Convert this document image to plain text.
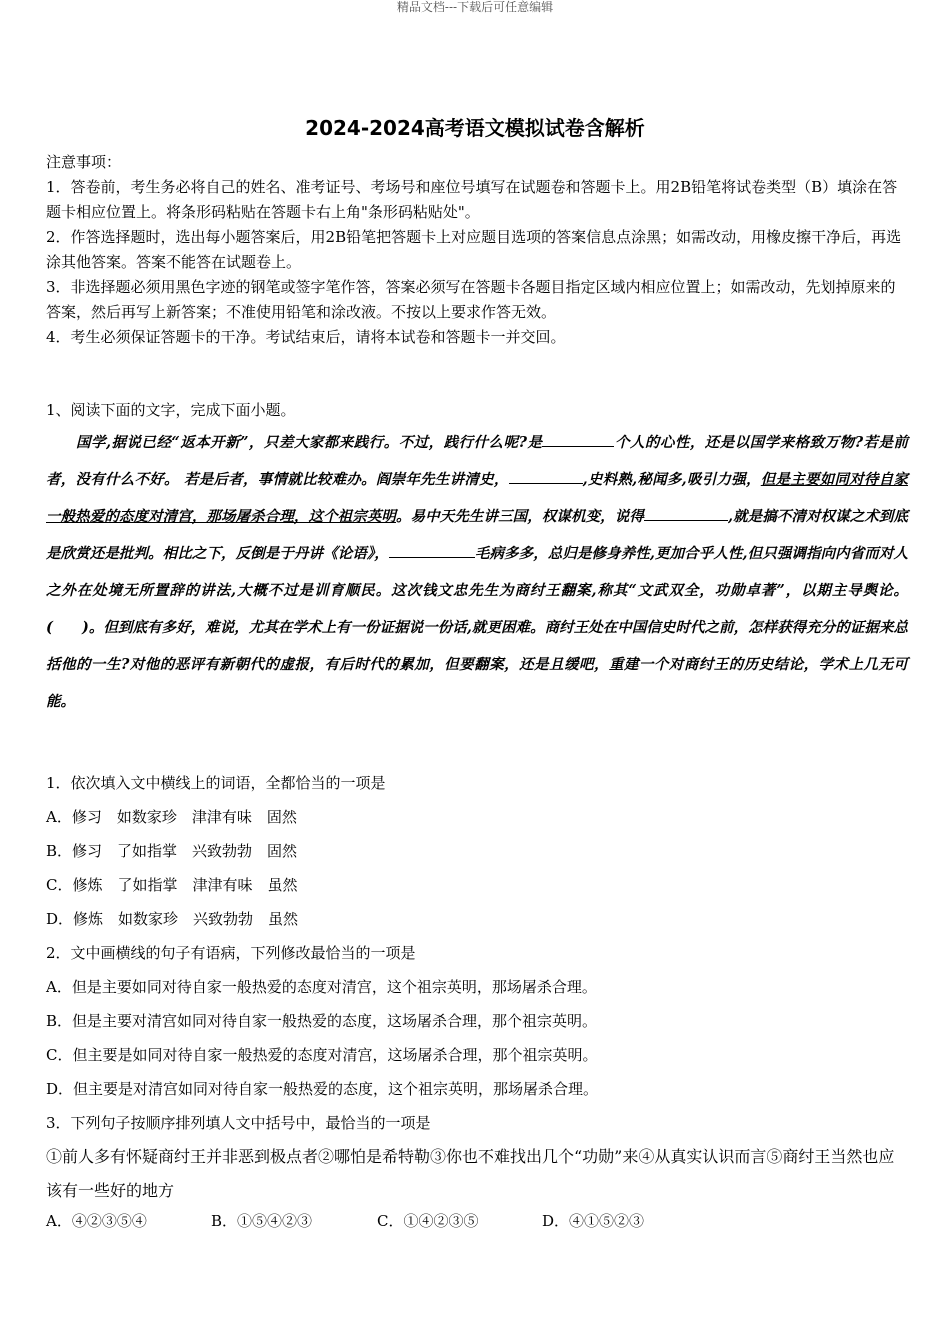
精品文档---下载后可任意编辑
2024-2024高考语文模拟试卷含解析

注意事项：

1．答卷前，考生务必将自己的姓名、准考证号、考场号和座位号填写在试题卷和答题卡上。用2B铅笔将试卷类型（B）填涂在答题卡相应位置上。将条形码粘贴在答题卡右上角"条形码粘贴处"。

2．作答选择题时，选出每小题答案后，用2B铅笔把答题卡上对应题目选项的答案信息点涂黑；如需改动，用橡皮擦干净后，再选涂其他答案。答案不能答在试题卷上。

3．非选择题必须用黑色字迹的钢笔或签字笔作答，答案必须写在答题卡各题目指定区域内相应位置上；如需改动，先划掉原来的答案，然后再写上新答案；不准使用铅笔和涂改液。不按以上要求作答无效。

4．考生必须保证答题卡的干净。考试结束后，请将本试卷和答题卡一并交回。

1、阅读下面的文字，完成下面小题。

国学,据说已经“返本开新”，只差大家都来践行。不过，践行什么呢?是	个人的心性，还是以国学来格致万物?若是前者，没有什么不好。 若是后者，事情就比较难办。阎崇年先生讲清史，	,史料熟,秘闻多,吸引力强，但是主要如同对待自家一般热爱的态度对清宫，那场屠杀合理，这个祖宗英明。易中天先生讲三国，权谋机变，说得	,就是搞不清对权谋之术到底是欣赏还是批判。相比之下，反倒是于丹讲《论语》，	毛病多多，总归是修身养性,更加合乎人性,但只强调指向内省而对人之外在处境无所置辞的讲法,大概不过是训育顺民。这次钱文忠先生为商纣王翻案,称其“文武双全，功勋卓著”，以期主导舆论。(　　)。但到底有多好，难说，尤其在学术上有一份证据说一份话,就更困难。商纣王处在中国信史时代之前，怎样获得充分的证据来总括他的一生?对他的恶评有新朝代的虚报，有后时代的累加，但要翻案，还是且缓吧，重建一个对商纣王的历史结论，学术上几无可能。

1．依次填入文中横线上的词语，全都恰当的一项是

A．修习　如数家珍　津津有味　固然

B．修习　了如指掌　兴致勃勃　固然

C．修炼　了如指掌　津津有味　虽然

D．修炼　如数家珍　兴致勃勃　虽然

2．文中画横线的句子有语病，下列修改最恰当的一项是

A．但是主要如同对待自家一般热爱的态度对清宫，这个祖宗英明，那场屠杀合理。

B．但是主要对清宫如同对待自家一般热爱的态度，这场屠杀合理，那个祖宗英明。

C．但主要是如同对待自家一般热爱的态度对清宫，这场屠杀合理，那个祖宗英明。

D．但主要是对清宫如同对待自家一般热爱的态度，这个祖宗英明，那场屠杀合理。

3．下列句子按顺序排列填人文中括号中，最恰当的一项是

①前人多有怀疑商纣王并非恶到极点者②哪怕是希特勒③你也不难找出几个“功勋”来④从真实认识而言⑤商纣王当然也应该有一些好的地方

A．④②③⑤④	B．①⑤④②③	C．①④②③⑤	D．④①⑤②③
